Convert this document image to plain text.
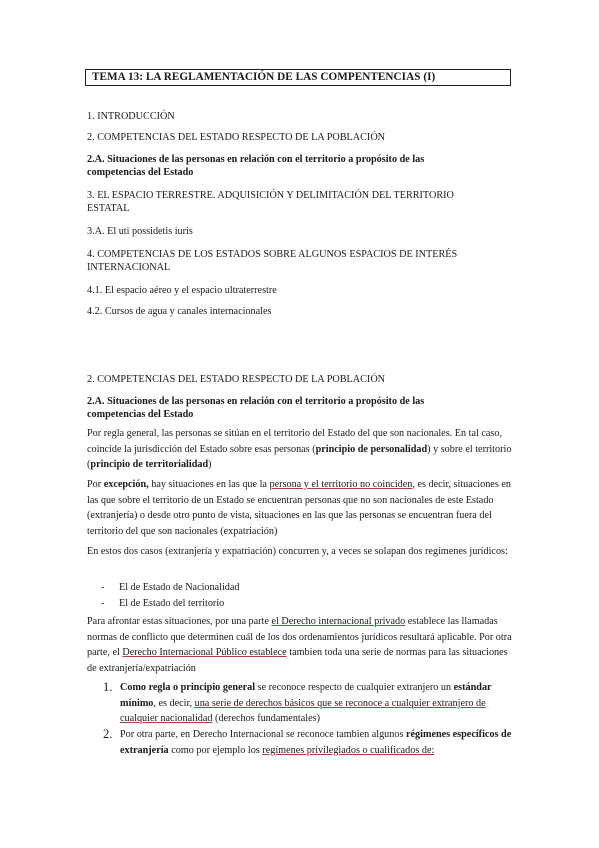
TEMA 13: LA REGLAMENTACIÓN DE LAS COMPENTENCIAS (I)
1. INTRODUCCIÓN
2. COMPETENCIAS DEL ESTADO RESPECTO DE LA POBLACIÓN
2.A. Situaciones de las personas en relación con el territorio a propósito de las
competencias del Estado
3. EL ESPACIO TERRESTRE. ADQUISICIÓN Y DELIMITACIÓN DEL TERRITORIO
ESTATAL
3.A. El uti possidetis iuris
4. COMPETENCIAS DE LOS ESTADOS SOBRE ALGUNOS ESPACIOS DE INTERÉS
INTERNACIONAL
4.1. El espacio aéreo y el espacio ultraterrestre
4.2. Cursos de agua y canales internacionales
2. COMPETENCIAS DEL ESTADO RESPECTO DE LA POBLACIÓN
2.A. Situaciones de las personas en relación con el territorio a propósito de las
competencias del Estado
Por regla general, las personas se sitúan en el territorio del Estado del que son nacionales. En tal caso, coincide la jurisdicción del Estado sobre esas personas (principio de personalidad) y sobre el territorio (principio de territorialidad)
Por excepción, hay situaciones en las que la persona y el territorio no coinciden, es decir, situaciones en las que sobre el territorio de un Estado se encuentran personas que no son nacionales de este Estado (extranjería) o desde otro punto de vista, situaciones en las que las personas se encuentran fuera del territorio del que son nacionales (expatriación)
En estos dos casos (extranjería y expatriación) concurren y, a veces se solapan dos regímenes jurídicos:
- El de Estado de Nacionalidad
- El de Estado del territorio
Para afrontar estas situaciones, por una parte el Derecho internacional privado establece las llamadas normas de conflicto que determinen cuál de los dos ordenamientos jurídicos resultará aplicable. Por otra parte, el Derecho Internacional Público establece tambien toda una serie de normas para las situaciones de extranjería/expatriación
1. Como regla o principio general se reconoce respecto de cualquier extranjero un estándar mínimo, es decir, una serie de derechos básicos que se reconoce a cualquier extranjero de cualquier nacionalidad (derechos fundamentales)
2. Por otra parte, en Derecho Internacional se reconoce tambien algunos régimenes específicos de extranjería como por ejemplo los regímenes privilegiados o cualificados de:
